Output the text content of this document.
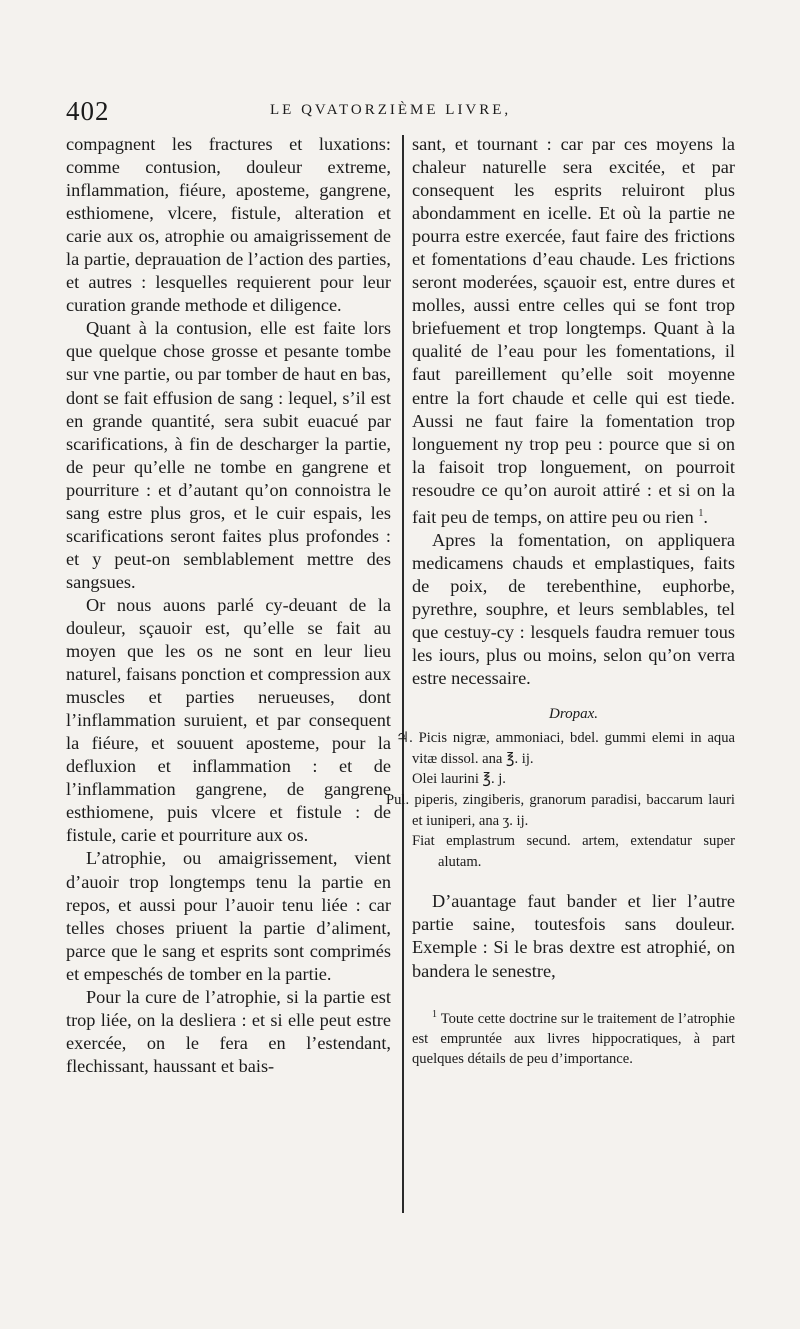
402	LE QVATORZIÈME LIVRE,

compagnent les fractures et luxations: comme contusion, douleur extreme, inflammation, fiéure, aposteme, gangrene, esthiomene, vlcere, fistule, alteration et carie aux os, atrophie ou amaigrissement de la partie, deprauation de l’action des parties, et autres : lesquelles requierent pour leur curation grande methode et diligence.

Quant à la contusion, elle est faite lors que quelque chose grosse et pesante tombe sur vne partie, ou par tomber de haut en bas, dont se fait effusion de sang : lequel, s’il est en grande quantité, sera subit euacué par scarifications, à fin de descharger la partie, de peur qu’elle ne tombe en gangrene et pourriture : et d’autant qu’on connoistra le sang estre plus gros, et le cuir espais, les scarifications seront faites plus profondes : et y peut-on semblablement mettre des sangsues.

Or nous auons parlé cy-deuant de la douleur, sçauoir est, qu’elle se fait au moyen que les os ne sont en leur lieu naturel, faisans ponction et compression aux muscles et parties nerueuses, dont l’inflammation suruient, et par consequent la fiéure, et souuent aposteme, pour la defluxion et inflammation : et de l’inflammation gangrene, de gangrene esthiomene, puis vlcere et fistule : de fistule, carie et pourriture aux os.

L’atrophie, ou amaigrissement, vient d’auoir trop longtemps tenu la partie en repos, et aussi pour l’auoir tenu liée : car telles choses priuent la partie d’aliment, parce que le sang et esprits sont comprimés et empeschés de tomber en la partie.

Pour la cure de l’atrophie, si la partie est trop liée, on la desliera : et si elle peut estre exercée, on le fera en l’estendant, flechissant, haussant et bais-

sant, et tournant : car par ces moyens la chaleur naturelle sera excitée, et par consequent les esprits reluiront plus abondamment en icelle. Et où la partie ne pourra estre exercée, faut faire des frictions et fomentations d’eau chaude. Les frictions seront moderées, sçauoir est, entre dures et molles, aussi entre celles qui se font trop briefuement et trop longtemps. Quant à la qualité de l’eau pour les fomentations, il faut pareillement qu’elle soit moyenne entre la fort chaude et celle qui est tiede. Aussi ne faut faire la fomentation trop longuement ny trop peu : pource que si on la faisoit trop longuement, on pourroit resoudre ce qu’on auroit attiré : et si on la fait peu de temps, on attire peu ou rien $^1$.

Apres la fomentation, on appliquera medicamens chauds et emplastiques, faits de poix, de terebenthine, euphorbe, pyrethre, souphre, et leurs semblables, tel que cestuy-cy : lesquels faudra remuer tous les iours, plus ou moins, selon qu’on verra estre necessaire.

Dropax.

♃. Picis nigræ, ammoniaci, bdel. gummi elemi in aqua vitæ dissol. ana ℥. ij.

Olei laurini ℥. j.

Pul. piperis, zingiberis, granorum paradisi, baccarum lauri et iuniperi, ana ʒ. ij.

Fiat emplastrum secund. artem, extendatur super alutam.

D’auantage faut bander et lier l’autre partie saine, toutesfois sans douleur. Exemple : Si le bras dextre est atrophié, on bandera le senestre,

$^1$ Toute cette doctrine sur le traitement de l’atrophie est empruntée aux livres hippocratiques, à part quelques détails de peu d’importance.
